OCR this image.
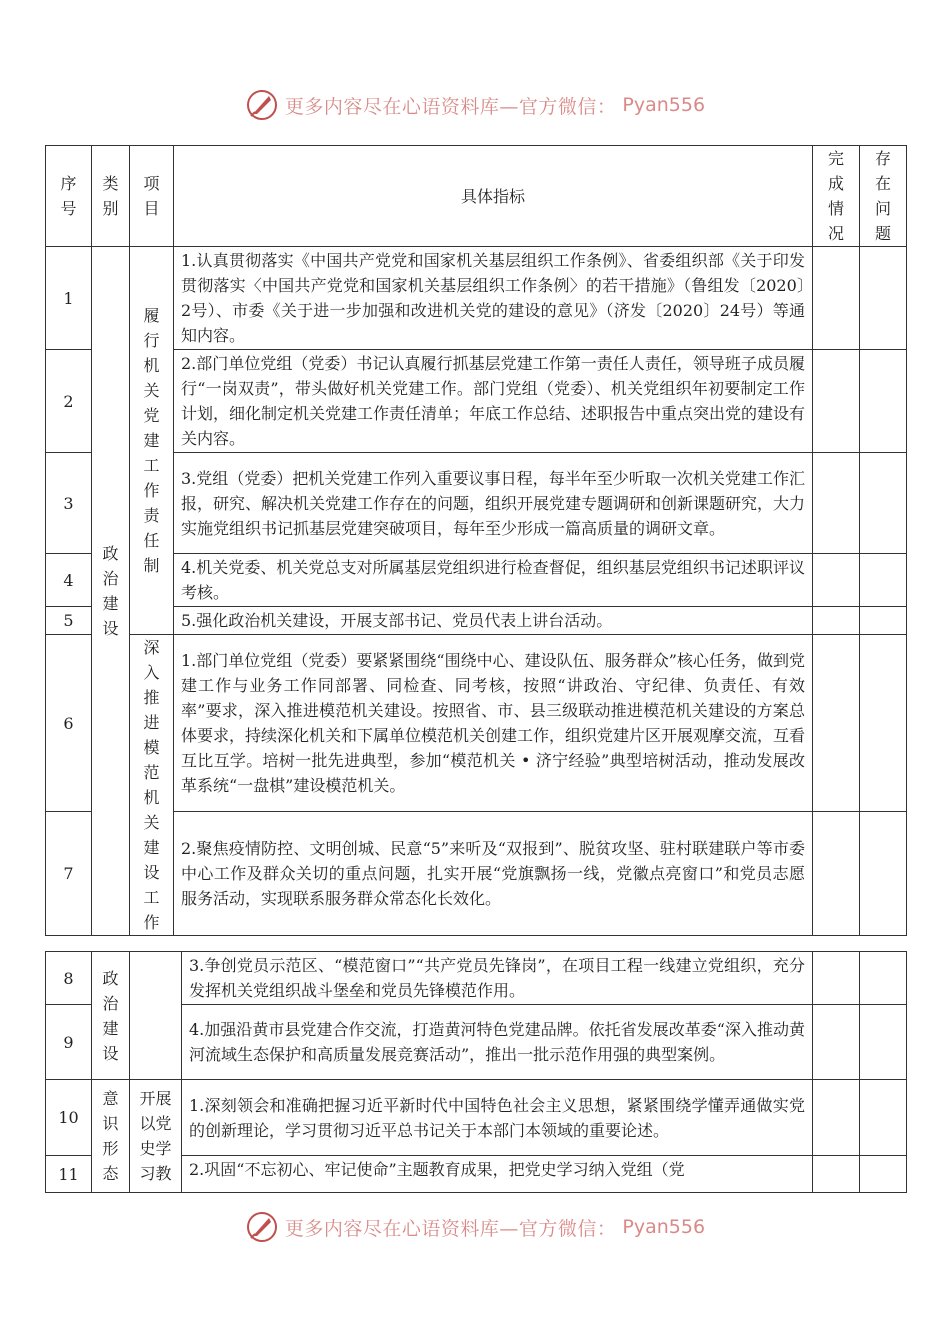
更多内容尽在心语资料库—官方微信： Pyan556
序号	类别	项目	具体指标	完成情况	存在问题
1	政治建设	履行机关党建工作责任制	1.认真贯彻落实《中国共产党党和国家机关基层组织工作条例》、省委组织部《关于印发贯彻落实〈中国共产党党和国家机关基层组织工作条例〉的若干措施》（鲁组发〔2020〕2号）、市委《关于进一步加强和改进机关党的建设的意见》（济发〔2020〕24号）等通知内容。		
2			2.部门单位党组（党委）书记认真履行抓基层党建工作第一责任人责任，领导班子成员履行“一岗双责”，带头做好机关党建工作。部门党组（党委）、机关党组织年初要制定工作计划，细化制定机关党建工作责任清单；年底工作总结、述职报告中重点突出党的建设有关内容。		
3			3.党组（党委）把机关党建工作列入重要议事日程，每半年至少听取一次机关党建工作汇报，研究、解决机关党建工作存在的问题，组织开展党建专题调研和创新课题研究，大力实施党组织书记抓基层党建突破项目，每年至少形成一篇高质量的调研文章。		
4			4.机关党委、机关党总支对所属基层党组织进行检查督促，组织基层党组织书记述职评议考核。		
5			5.强化政治机关建设，开展支部书记、党员代表上讲台活动。		
6		深入推进模范机关建设工作	1.部门单位党组（党委）要紧紧围绕“围绕中心、建设队伍、服务群众”核心任务，做到党建工作与业务工作同部署、同检查、同考核，按照“讲政治、守纪律、负责任、有效率”要求，深入推进模范机关建设。按照省、市、县三级联动推进模范机关建设的方案总体要求，持续深化机关和下属单位模范机关创建工作，组织党建片区开展观摩交流，互看互比互学。培树一批先进典型，参加“模范机关 • 济宁经验”典型培树活动，推动发展改革系统“一盘棋”建设模范机关。		
7			2.聚焦疫情防控、文明创城、民意“5”来听及“双报到”、脱贫攻坚、驻村联建联户等市委中心工作及群众关切的重点问题，扎实开展“党旗飘扬一线，党徽点亮窗口”和党员志愿服务活动，实现联系服务群众常态化长效化。		
8	政治建设		3.争创党员示范区、“模范窗口”“共产党员先锋岗”，在项目工程一线建立党组织，充分发挥机关党组织战斗堡垒和党员先锋模范作用。		
9			4.加强沿黄市县党建合作交流，打造黄河特色党建品牌。依托省发展改革委“深入推动黄河流域生态保护和高质量发展竞赛活动”，推出一批示范作用强的典型案例。		
10	意识形态	开展以党史学习教	1.深刻领会和准确把握习近平新时代中国特色社会主义思想，紧紧围绕学懂弄通做实党的创新理论，学习贯彻习近平总书记关于本部门本领域的重要论述。		
11			2.巩固“不忘初心、牢记使命”主题教育成果，把党史学习纳入党组（党		
更多内容尽在心语资料库—官方微信： Pyan556
